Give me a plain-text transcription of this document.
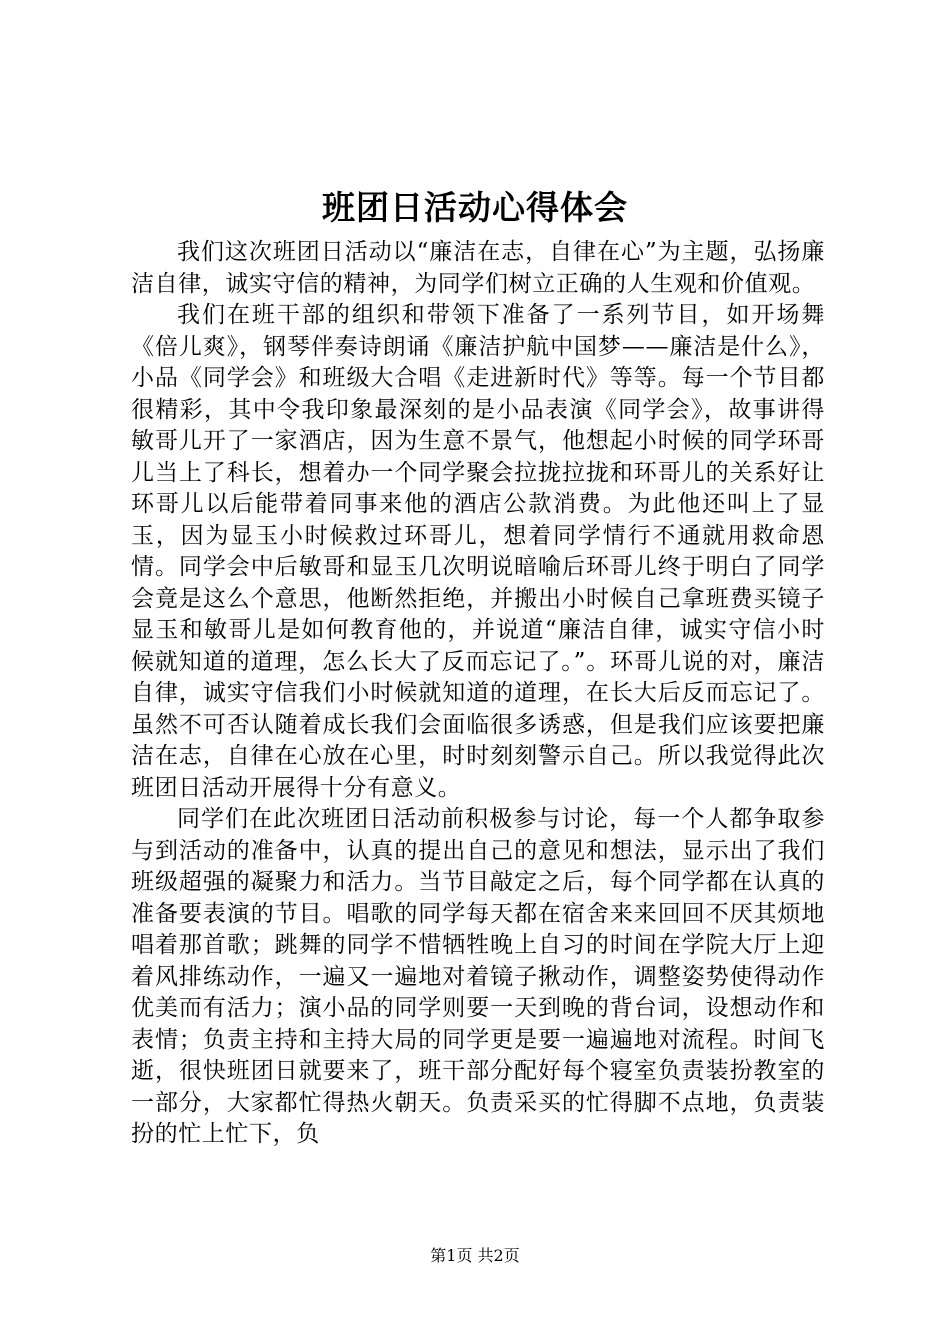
班团日活动心得体会

我们这次班团日活动以“廉洁在志，自律在心”为主题，弘扬廉洁自律，诚实守信的精神，为同学们树立正确的人生观和价值观。

我们在班干部的组织和带领下准备了一系列节目，如开场舞《倍儿爽》，钢琴伴奏诗朗诵《廉洁护航中国梦——廉洁是什么》，小品《同学会》和班级大合唱《走进新时代》等等。每一个节目都很精彩，其中令我印象最深刻的是小品表演《同学会》，故事讲得敏哥儿开了一家酒店，因为生意不景气，他想起小时候的同学环哥儿当上了科长，想着办一个同学聚会拉拢拉拢和环哥儿的关系好让环哥儿以后能带着同事来他的酒店公款消费。为此他还叫上了显玉，因为显玉小时候救过环哥儿，想着同学情行不通就用救命恩情。同学会中后敏哥和显玉几次明说暗喻后环哥儿终于明白了同学会竟是这么个意思，他断然拒绝，并搬出小时候自己拿班费买镜子显玉和敏哥儿是如何教育他的，并说道“廉洁自律，诚实守信小时候就知道的道理，怎么长大了反而忘记了。”。环哥儿说的对，廉洁自律，诚实守信我们小时候就知道的道理，在长大后反而忘记了。虽然不可否认随着成长我们会面临很多诱惑，但是我们应该要把廉洁在志，自律在心放在心里，时时刻刻警示自己。所以我觉得此次班团日活动开展得十分有意义。

同学们在此次班团日活动前积极参与讨论，每一个人都争取参与到活动的准备中，认真的提出自己的意见和想法，显示出了我们班级超强的凝聚力和活力。当节目敲定之后，每个同学都在认真的准备要表演的节目。唱歌的同学每天都在宿舍来来回回不厌其烦地唱着那首歌；跳舞的同学不惜牺牲晚上自习的时间在学院大厅上迎着风排练动作，一遍又一遍地对着镜子揪动作，调整姿势使得动作优美而有活力；演小品的同学则要一天到晚的背台词，设想动作和表情；负责主持和主持大局的同学更是要一遍遍地对流程。时间飞逝，很快班团日就要来了，班干部分配好每个寝室负责装扮教室的一部分，大家都忙得热火朝天。负责采买的忙得脚不点地，负责装扮的忙上忙下，负

第1页 共2页
